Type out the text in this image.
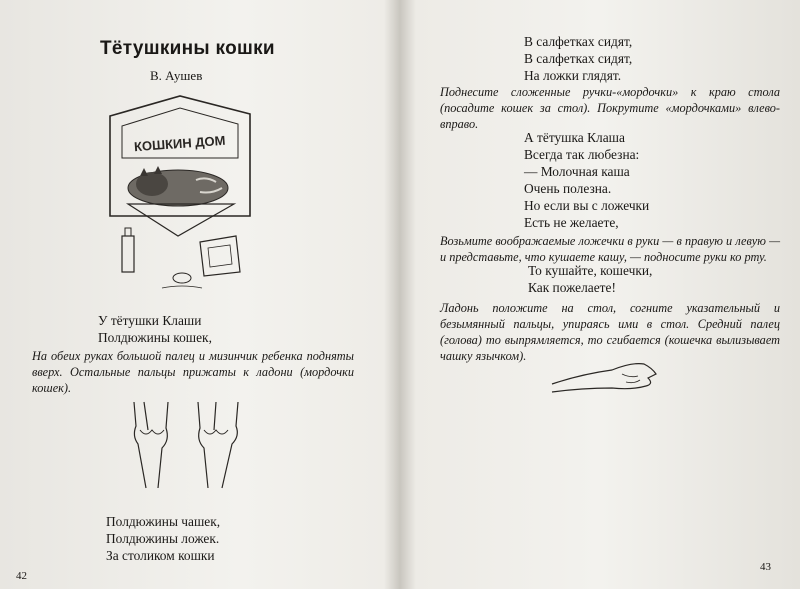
Тётушкины кошки
В. Аушев
КОШКИН ДОМ
У тётушки Клаши
Полдюжины кошек,
На обеих руках большой палец и мизинчик ребенка подняты вверх. Остальные пальцы прижаты к ладони (мордочки кошек).
Полдюжины чашек,
Полдюжины ложек.
За столиком кошки
42
В салфетках сидят,
В салфетках сидят,
На ложки глядят.
Поднесите сложенные ручки-«мордочки» к краю стола (посадите кошек за стол). Покрутите «мордочками» влево-вправо.
А тётушка Клаша
Всегда так любезна:
— Молочная каша
Очень полезна.
Но если вы с ложечки
Есть не желаете,
Возьмите воображаемые ложечки в руки — в правую и левую — и представьте, что кушаете кашу, — подносите руки ко рту.
То кушайте, кошечки,
Как пожелаете!
Ладонь положите на стол, согните указательный и безымянный пальцы, упираясь ими в стол. Средний палец (голова) то выпрямляется, то сгибается (кошечка вылизывает чашку язычком).
43
